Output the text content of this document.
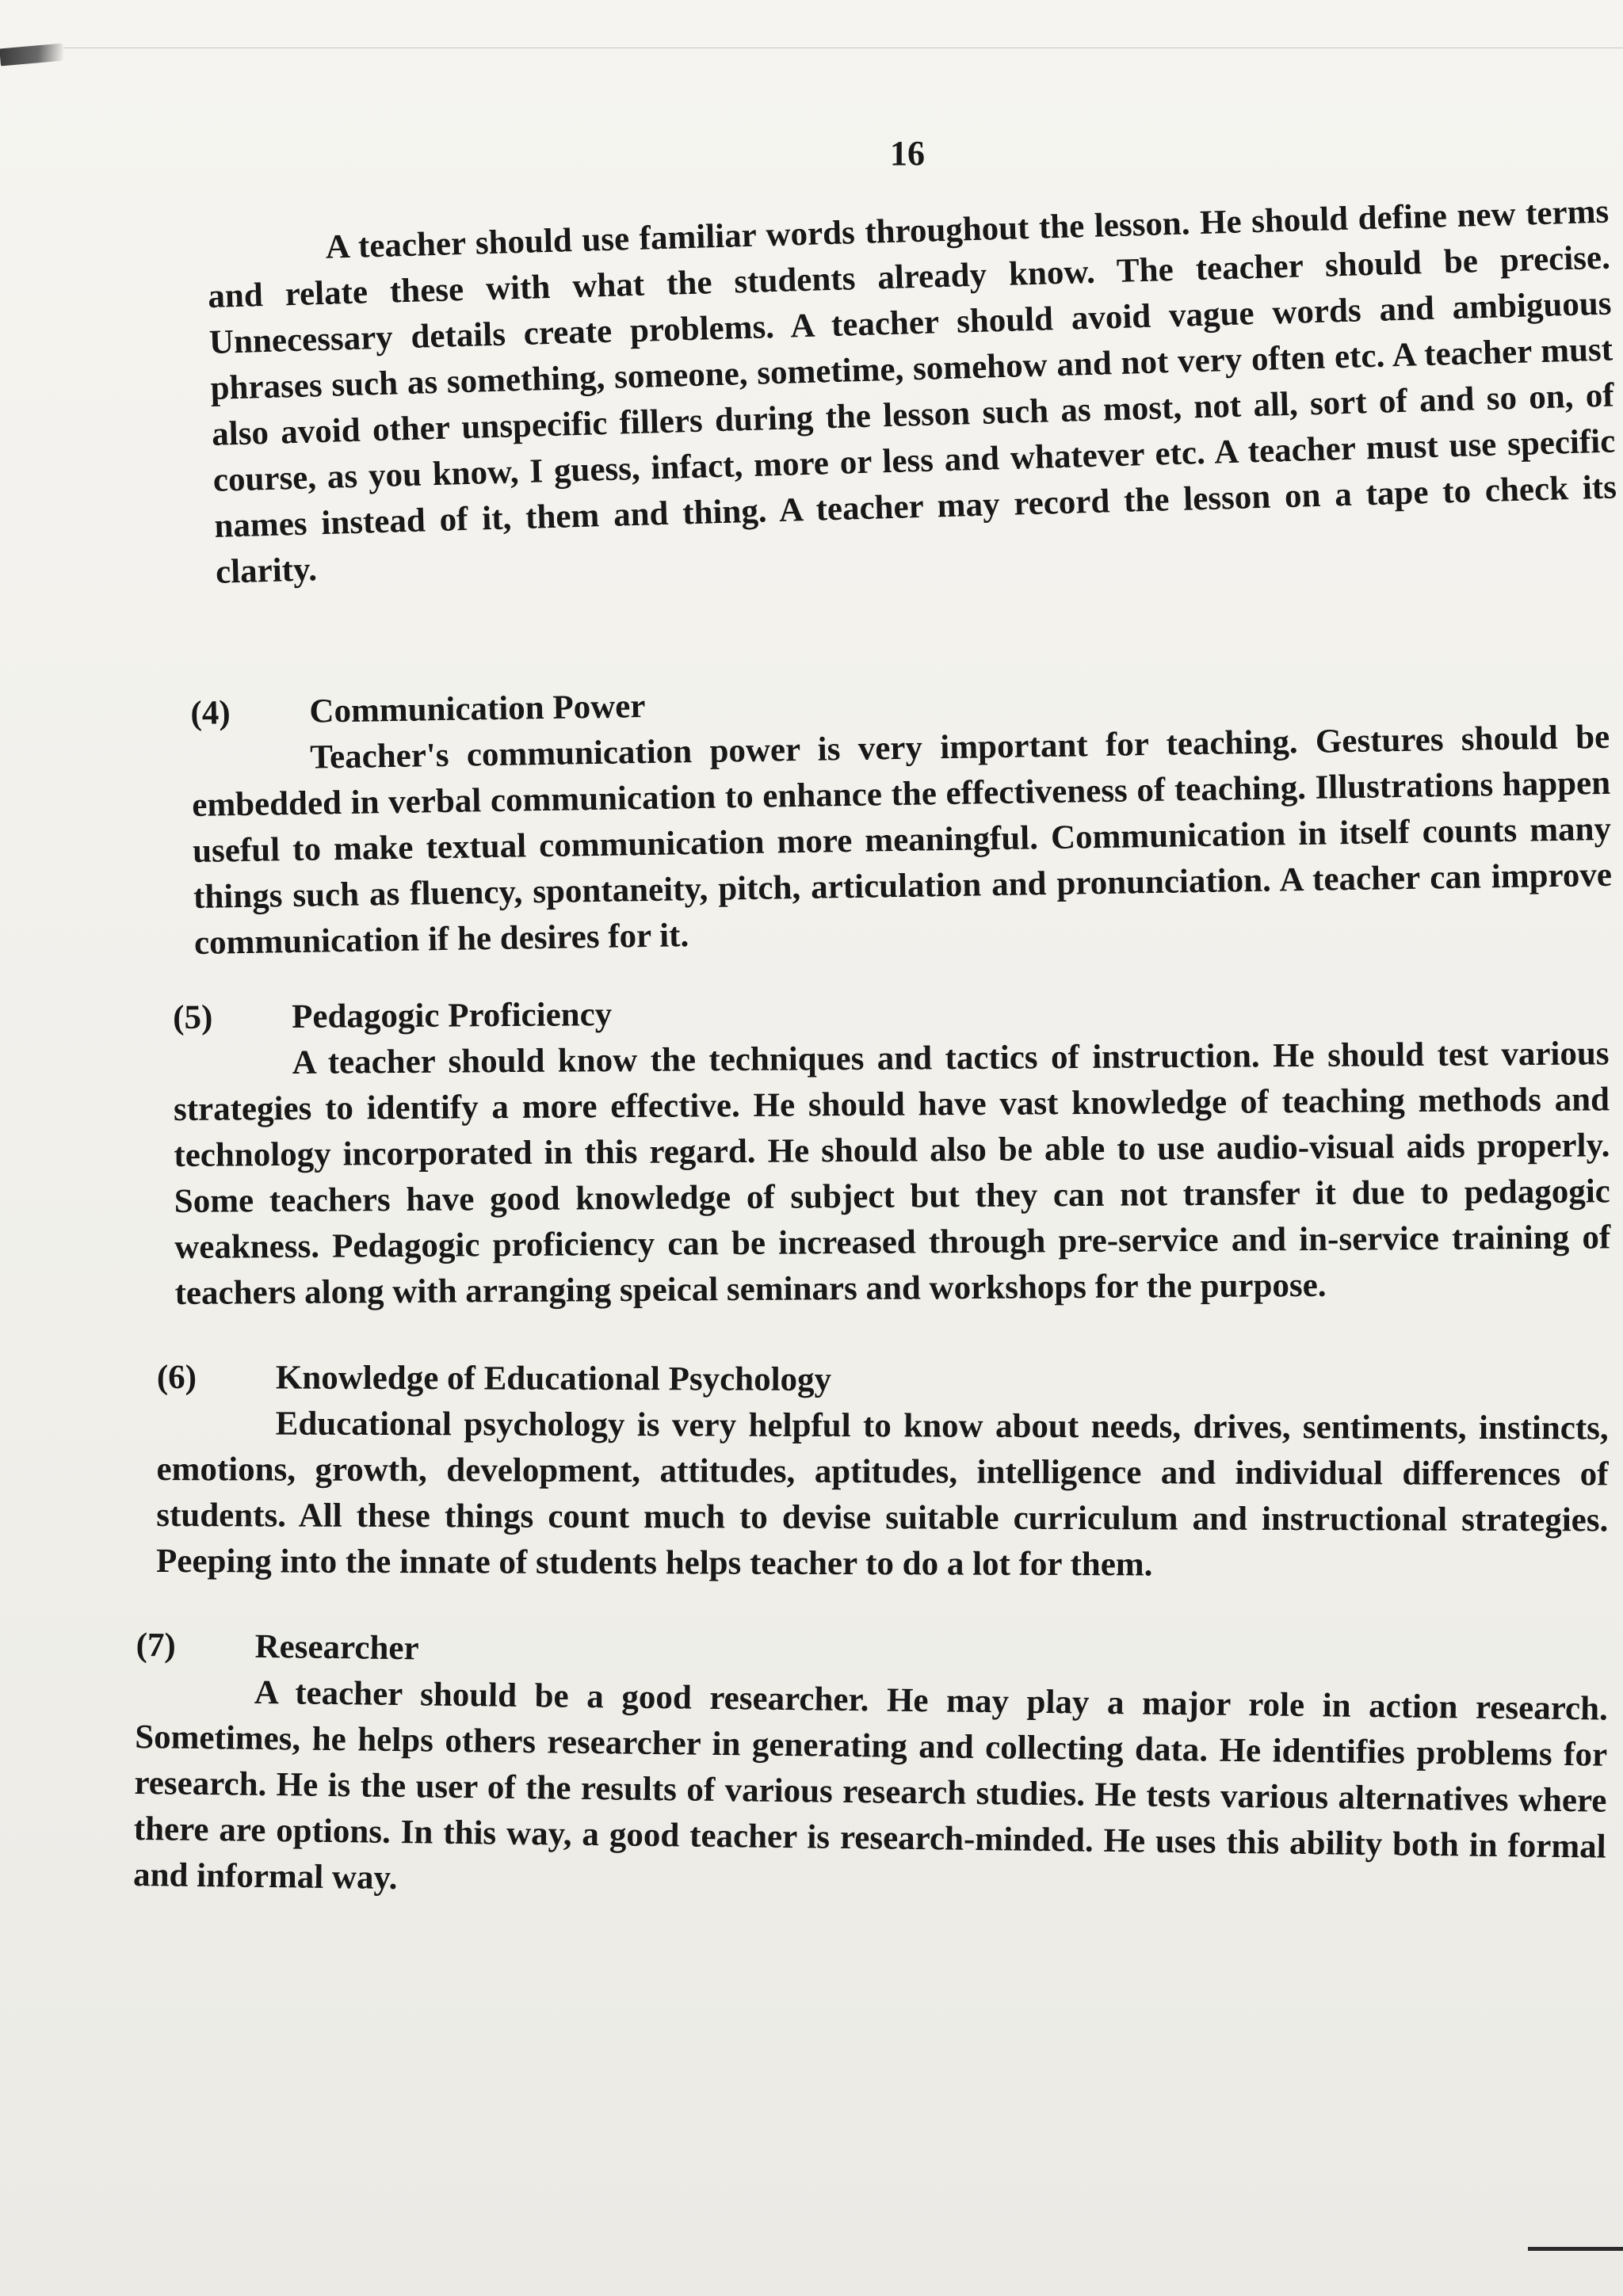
16

A teacher should use familiar words throughout the lesson. He should define new terms and relate these with what the students already know. The teacher should be precise. Unnecessary details create problems. A teacher should avoid vague words and ambiguous phrases such as something, someone, sometime, somehow and not very often etc. A teacher must also avoid other unspecific fillers during the lesson such as most, not all, sort of and so on, of course, as you know, I guess, infact, more or less and whatever etc. A teacher must use specific names instead of it, them and thing. A teacher may record the lesson on a tape to check its clarity.

(4)	Communication Power

Teacher's communication power is very important for teaching. Gestures should be embedded in verbal communication to enhance the effectiveness of teaching. Illustrations happen useful to make textual communication more meaningful. Communication in itself counts many things such as fluency, spontaneity, pitch, articulation and pronunciation. A teacher can improve communication if he desires for it.

(5)	Pedagogic Proficiency

A teacher should know the techniques and tactics of instruction. He should test various strategies to identify a more effective. He should have vast knowledge of teaching methods and technology incorporated in this regard. He should also be able to use audio-visual aids properly. Some teachers have good knowledge of subject but they can not transfer it due to pedagogic weakness. Pedagogic proficiency can be increased through pre-service and in-service training of teachers along with arranging speical seminars and workshops for the purpose.

(6)	Knowledge of Educational Psychology

Educational psychology is very helpful to know about needs, drives, sentiments, instincts, emotions, growth, development, attitudes, aptitudes, intelligence and individual differences of students. All these things count much to devise suitable curriculum and instructional strategies. Peeping into the innate of students helps teacher to do a lot for them.

(7)	Researcher

A teacher should be a good researcher. He may play a major role in action research. Sometimes, he helps others researcher in generating and collecting data. He identifies problems for research. He is the user of the results of various research studies. He tests various alternatives where there are options. In this way, a good teacher is research-minded. He uses this ability both in formal and informal way.
